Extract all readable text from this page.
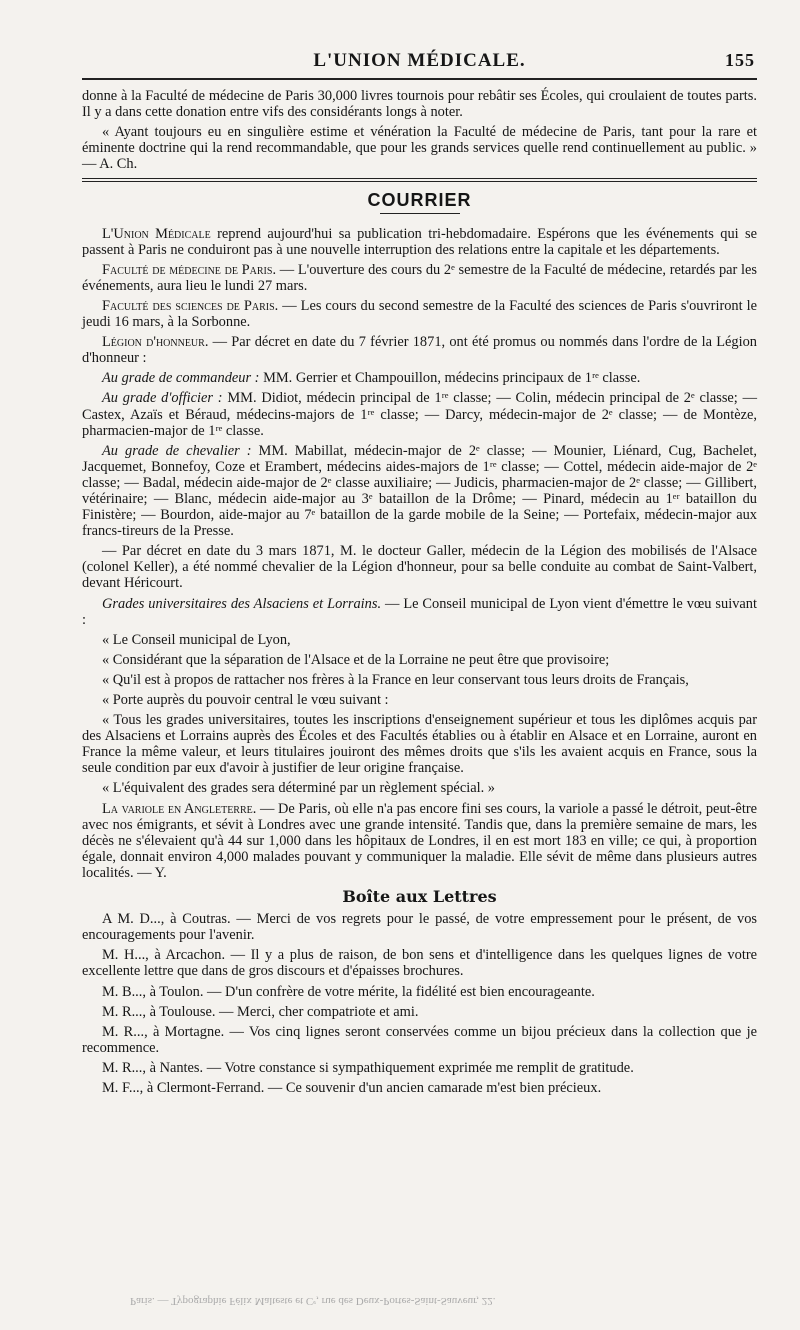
L'UNION MÉDICALE.	155

donne à la Faculté de médecine de Paris 30,000 livres tournois pour rebâtir ses Écoles, qui croulaient de toutes parts. Il y a dans cette donation entre vifs des considérants longs à noter.

« Ayant toujours eu en singulière estime et vénération la Faculté de médecine de Paris, tant pour la rare et éminente doctrine qui la rend recommandable, que pour les grands services quelle rend continuellement au public. » — A. Ch.

COURRIER

L'Union Médicale reprend aujourd'hui sa publication tri-hebdomadaire. Espérons que les événements qui se passent à Paris ne conduiront pas à une nouvelle interruption des relations entre la capitale et les départements.

Faculté de médecine de Paris. — L'ouverture des cours du 2ᵉ semestre de la Faculté de médecine, retardés par les événements, aura lieu le lundi 27 mars.

Faculté des sciences de Paris. — Les cours du second semestre de la Faculté des sciences de Paris s'ouvriront le jeudi 16 mars, à la Sorbonne.

Légion d'honneur. — Par décret en date du 7 février 1871, ont été promus ou nommés dans l'ordre de la Légion d'honneur :

Au grade de commandeur : MM. Gerrier et Champouillon, médecins principaux de 1ʳᵉ classe.

Au grade d'officier : MM. Didiot, médecin principal de 1ʳᵉ classe; — Colin, médecin principal de 2ᵉ classe; — Castex, Azaïs et Béraud, médecins-majors de 1ʳᵉ classe; — Darcy, médecin-major de 2ᵉ classe; — de Montèze, pharmacien-major de 1ʳᵉ classe.

Au grade de chevalier : MM. Mabillat, médecin-major de 2ᵉ classe; — Mounier, Liénard, Cug, Bachelet, Jacquemet, Bonnefoy, Coze et Erambert, médecins aides-majors de 1ʳᵉ classe; — Cottel, médecin aide-major de 2ᵉ classe; — Badal, médecin aide-major de 2ᵉ classe auxiliaire; — Judicis, pharmacien-major de 2ᵉ classe; — Gillibert, vétérinaire; — Blanc, médecin aide-major au 3ᵉ bataillon de la Drôme; — Pinard, médecin au 1ᵉʳ bataillon du Finistère; — Bourdon, aide-major au 7ᵉ bataillon de la garde mobile de la Seine; — Portefaix, médecin-major aux francs-tireurs de la Presse.

— Par décret en date du 3 mars 1871, M. le docteur Galler, médecin de la Légion des mobilisés de l'Alsace (colonel Keller), a été nommé chevalier de la Légion d'honneur, pour sa belle conduite au combat de Saint-Valbert, devant Héricourt.

Grades universitaires des Alsaciens et Lorrains. — Le Conseil municipal de Lyon vient d'émettre le vœu suivant :

« Le Conseil municipal de Lyon,

« Considérant que la séparation de l'Alsace et de la Lorraine ne peut être que provisoire;

« Qu'il est à propos de rattacher nos frères à la France en leur conservant tous leurs droits de Français,

« Porte auprès du pouvoir central le vœu suivant :

« Tous les grades universitaires, toutes les inscriptions d'enseignement supérieur et tous les diplômes acquis par des Alsaciens et Lorrains auprès des Écoles et des Facultés établies ou à établir en Alsace et en Lorraine, auront en France la même valeur, et leurs titulaires jouiront des mêmes droits que s'ils les avaient acquis en France, sous la seule condition par eux d'avoir à justifier de leur origine française.

« L'équivalent des grades sera déterminé par un règlement spécial. »

La variole en Angleterre. — De Paris, où elle n'a pas encore fini ses cours, la variole a passé le détroit, peut-être avec nos émigrants, et sévit à Londres avec une grande intensité. Tandis que, dans la première semaine de mars, les décès ne s'élevaient qu'à 44 sur 1,000 dans les hôpitaux de Londres, il en est mort 183 en ville; ce qui, à proportion égale, donnait environ 4,000 malades pouvant y communiquer la maladie. Elle sévit de même dans plusieurs autres localités. — Y.

Boîte aux Lettres

A M. D..., à Coutras. — Merci de vos regrets pour le passé, de votre empressement pour le présent, de vos encouragements pour l'avenir.

M. H..., à Arcachon. — Il y a plus de raison, de bon sens et d'intelligence dans les quelques lignes de votre excellente lettre que dans de gros discours et d'épaisses brochures.

M. B..., à Toulon. — D'un confrère de votre mérite, la fidélité est bien encourageante.

M. R..., à Toulouse. — Merci, cher compatriote et ami.

M. R..., à Mortagne. — Vos cinq lignes seront conservées comme un bijou précieux dans la collection que je recommence.

M. R..., à Nantes. — Votre constance si sympathiquement exprimée me remplit de gratitude.

M. F..., à Clermont-Ferrand. — Ce souvenir d'un ancien camarade m'est bien précieux.

Paris. — Typographie Félix Malteste et Cᵉ, rue des Deux-Portes-Saint-Sauveur, 22.
